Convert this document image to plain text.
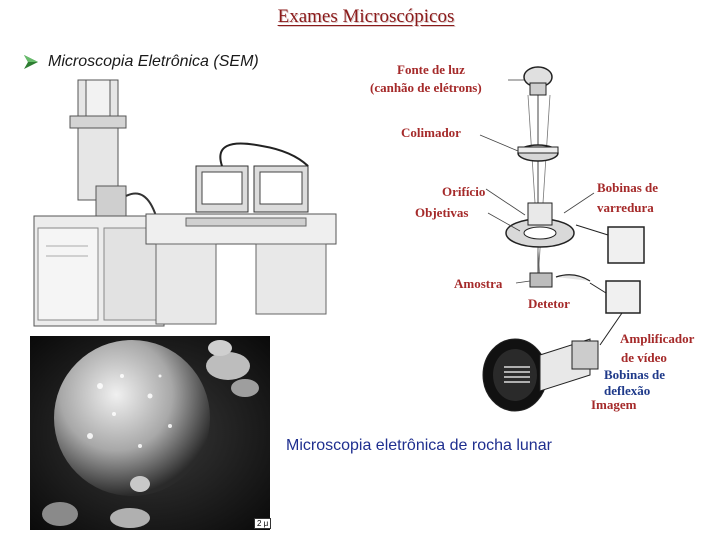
Exames Microscópicos
Microscopia Eletrônica (SEM)
2 μ
Fonte de luz
(canhão de elétrons)
Colimador
Orifício
Objetivas
Bobinas de
varredura
Amostra
Detetor
Amplificador
de vídeo
Bobinas de
deflexão
Imagem
Microscopia eletrônica de rocha lunar
